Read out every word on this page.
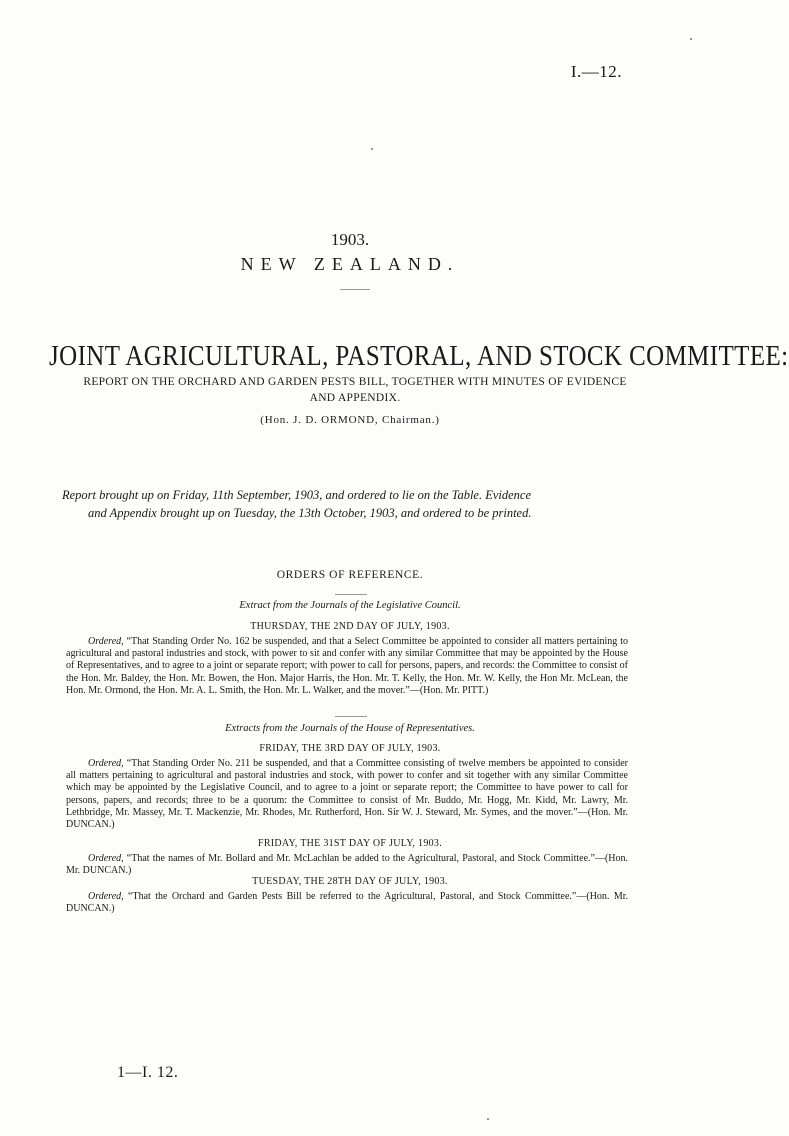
I.—12.
1903.
NEW ZEALAND.
JOINT AGRICULTURAL, PASTORAL, AND STOCK COMMITTEE:
REPORT ON THE ORCHARD AND GARDEN PESTS BILL, TOGETHER WITH MINUTES OF EVIDENCE AND APPENDIX.
(Hon. J. D. ORMOND, Chairman.)
Report brought up on Friday, 11th September, 1903, and ordered to lie on the Table. Evidence
and Appendix brought up on Tuesday, the 13th October, 1903, and ordered to be printed.
ORDERS OF REFERENCE.
Extract from the Journals of the Legislative Council.
THURSDAY, THE 2ND DAY OF JULY, 1903.
Ordered, “That Standing Order No. 162 be suspended, and that a Select Committee be appointed to consider all matters pertaining to agricultural and pastoral industries and stock, with power to sit and confer with any similar Committee that may be appointed by the House of Representatives, and to agree to a joint or separate report; with power to call for persons, papers, and records: the Committee to consist of the Hon. Mr. Baldey, the Hon. Mr. Bowen, the Hon. Major Harris, the Hon. Mr. T. Kelly, the Hon. Mr. W. Kelly, the Hon Mr. McLean, the Hon. Mr. Ormond, the Hon. Mr. A. L. Smith, the Hon. Mr. L. Walker, and the mover.”—(Hon. Mr. PITT.)
Extracts from the Journals of the House of Representatives.
FRIDAY, THE 3RD DAY OF JULY, 1903.
Ordered, “That Standing Order No. 211 be suspended, and that a Committee consisting of twelve members be appointed to consider all matters pertaining to agricultural and pastoral industries and stock, with power to confer and sit together with any similar Committee which may be appointed by the Legislative Council, and to agree to a joint or separate report; the Committee to have power to call for persons, papers, and records; three to be a quorum: the Committee to consist of Mr. Buddo, Mr. Hogg, Mr. Kidd, Mr. Lawry, Mr. Lethbridge, Mr. Massey, Mr. T. Mackenzie, Mr. Rhodes, Mr. Rutherford, Hon. Sir W. J. Steward, Mr. Symes, and the mover.”—(Hon. Mr. DUNCAN.)
FRIDAY, THE 31ST DAY OF JULY, 1903.
Ordered, “That the names of Mr. Bollard and Mr. McLachlan be added to the Agricultural, Pastoral, and Stock Committee.”—(Hon. Mr. DUNCAN.)
TUESDAY, THE 28TH DAY OF JULY, 1903.
Ordered, “That the Orchard and Garden Pests Bill be referred to the Agricultural, Pastoral, and Stock Committee.”—(Hon. Mr. DUNCAN.)
1—I. 12.
